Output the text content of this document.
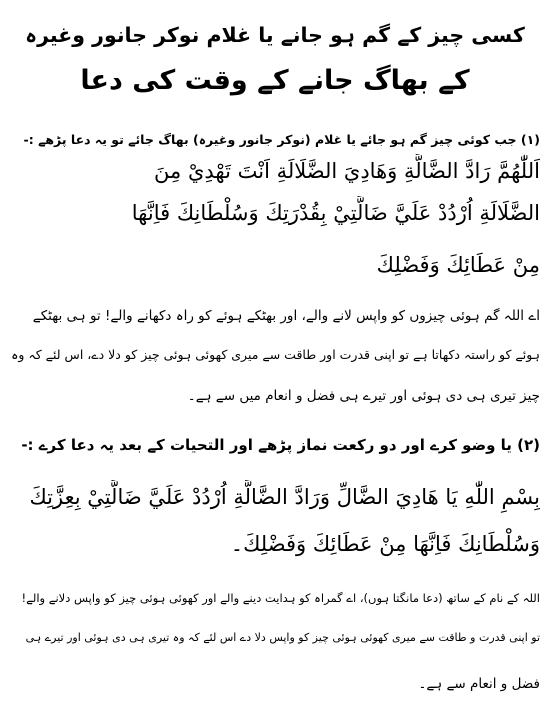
کسی چیز کے گم ہو جانے یا غلام نوکر جانور وغیرہ
کے بھاگ جانے کے وقت کی دعا
(۱) جب کوئی چیز گم ہو جائے یا غلام (نوکر جانور وغیرہ) بھاگ جائے تو یہ دعا پڑھے :-
اَللّٰهُمَّ رَادَّ الضَّالَّةِ وَهَادِيَ الضَّلَالَةِ اَنْتَ تَهْدِيْ مِنَ
الضَّلَالَةِ اُرْدُدْ عَلَيَّ ضَالَّتِيْ بِقُدْرَتِكَ وَسُلْطَانِكَ فَاِنَّهَا
مِنْ عَطَائِكَ وَفَضْلِكَ
اے اللہ گم ہوئی چیزوں کو واپس لانے والے، اور بھٹکے ہوئے کو راہ دکھانے والے! تو ہی بھٹکے
ہوئے کو راستہ دکھاتا ہے تو اپنی قدرت اور طاقت سے میری کھوئی ہوئی چیز کو دلا دے، اس لئے کہ وہ
چیز تیری ہی دی ہوئی اور تیرے ہی فضل و انعام میں سے ہے۔
(۲) یا وضو کرے اور دو رکعت نماز پڑھے اور التحیات کے بعد یہ دعا کرے :-
بِسْمِ اللّٰهِ يَا هَادِيَ الضَّالِّ وَرَادَّ الضَّالَّةِ اُرْدُدْ عَلَيَّ ضَالَّتِيْ بِعِزَّتِكَ
وَسُلْطَانِكَ فَاِنَّهَا مِنْ عَطَائِكَ وَفَضْلِكَ۔
اللہ کے نام کے ساتھ (دعا مانگتا ہوں)، اے گمراہ کو ہدایت دینے والے اور کھوئی ہوئی چیز کو واپس دلانے والے!
تو اپنی قدرت و طاقت سے میری کھوئی ہوئی چیز کو واپس دلا دے اس لئے کہ وہ تیری ہی دی ہوئی اور تیرے ہی
فضل و انعام سے ہے۔
